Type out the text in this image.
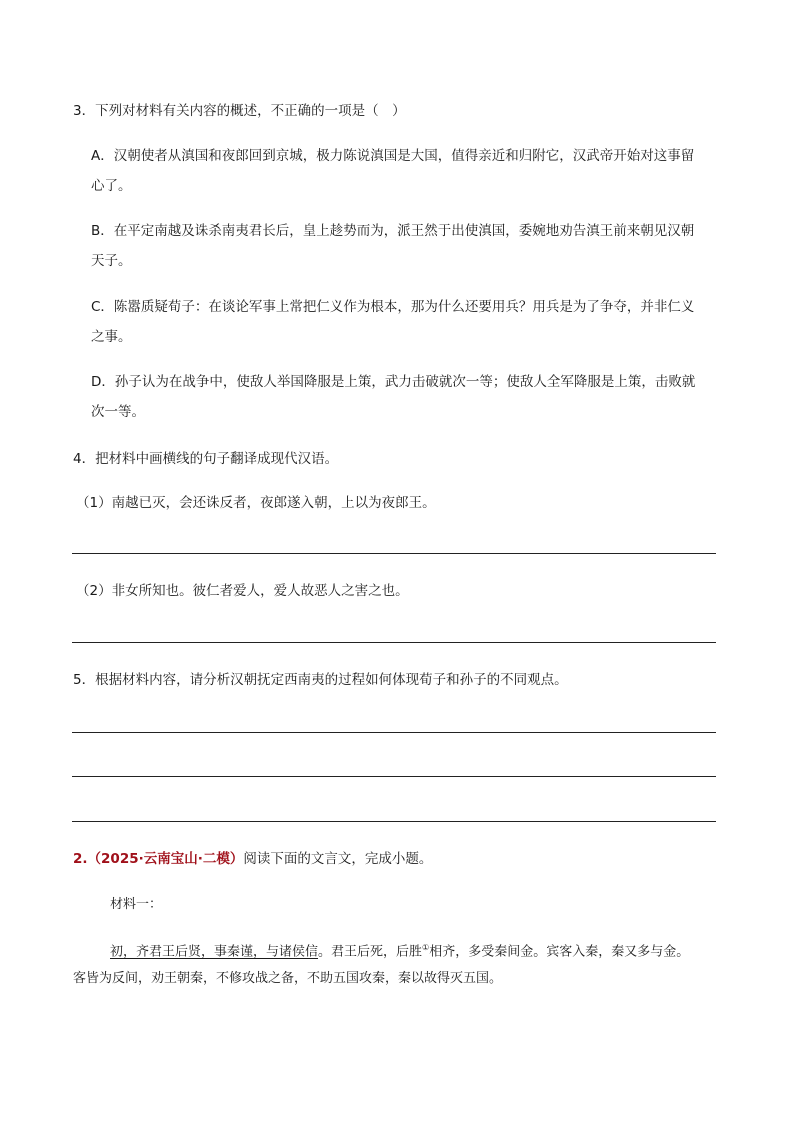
3．下列对材料有关内容的概述，不正确的一项是（　）
A．汉朝使者从滇国和夜郎回到京城，极力陈说滇国是大国，值得亲近和归附它，汉武帝开始对这事留
心了。
B．在平定南越及诛杀南夷君长后，皇上趁势而为，派王然于出使滇国，委婉地劝告滇王前来朝见汉朝
天子。
C．陈嚣质疑荀子：在谈论军事上常把仁义作为根本，那为什么还要用兵？用兵是为了争夺，并非仁义
之事。
D．孙子认为在战争中，使敌人举国降服是上策，武力击破就次一等；使敌人全军降服是上策，击败就
次一等。
4．把材料中画横线的句子翻译成现代汉语。
（1）南越已灭，会还诛反者，夜郎遂入朝，上以为夜郎王。
（2）非女所知也。彼仁者爱人，爱人故恶人之害之也。
5．根据材料内容，请分析汉朝抚定西南夷的过程如何体现荀子和孙子的不同观点。
2.（2025·云南宝山·二模）阅读下面的文言文，完成小题。
材料一：
初，齐君王后贤，事秦谨，与诸侯信。君王后死，后胜①相齐，多受秦间金。宾客入秦，秦又多与金。
客皆为反间，劝王朝秦，不修攻战之备，不助五国攻秦，秦以故得灭五国。
